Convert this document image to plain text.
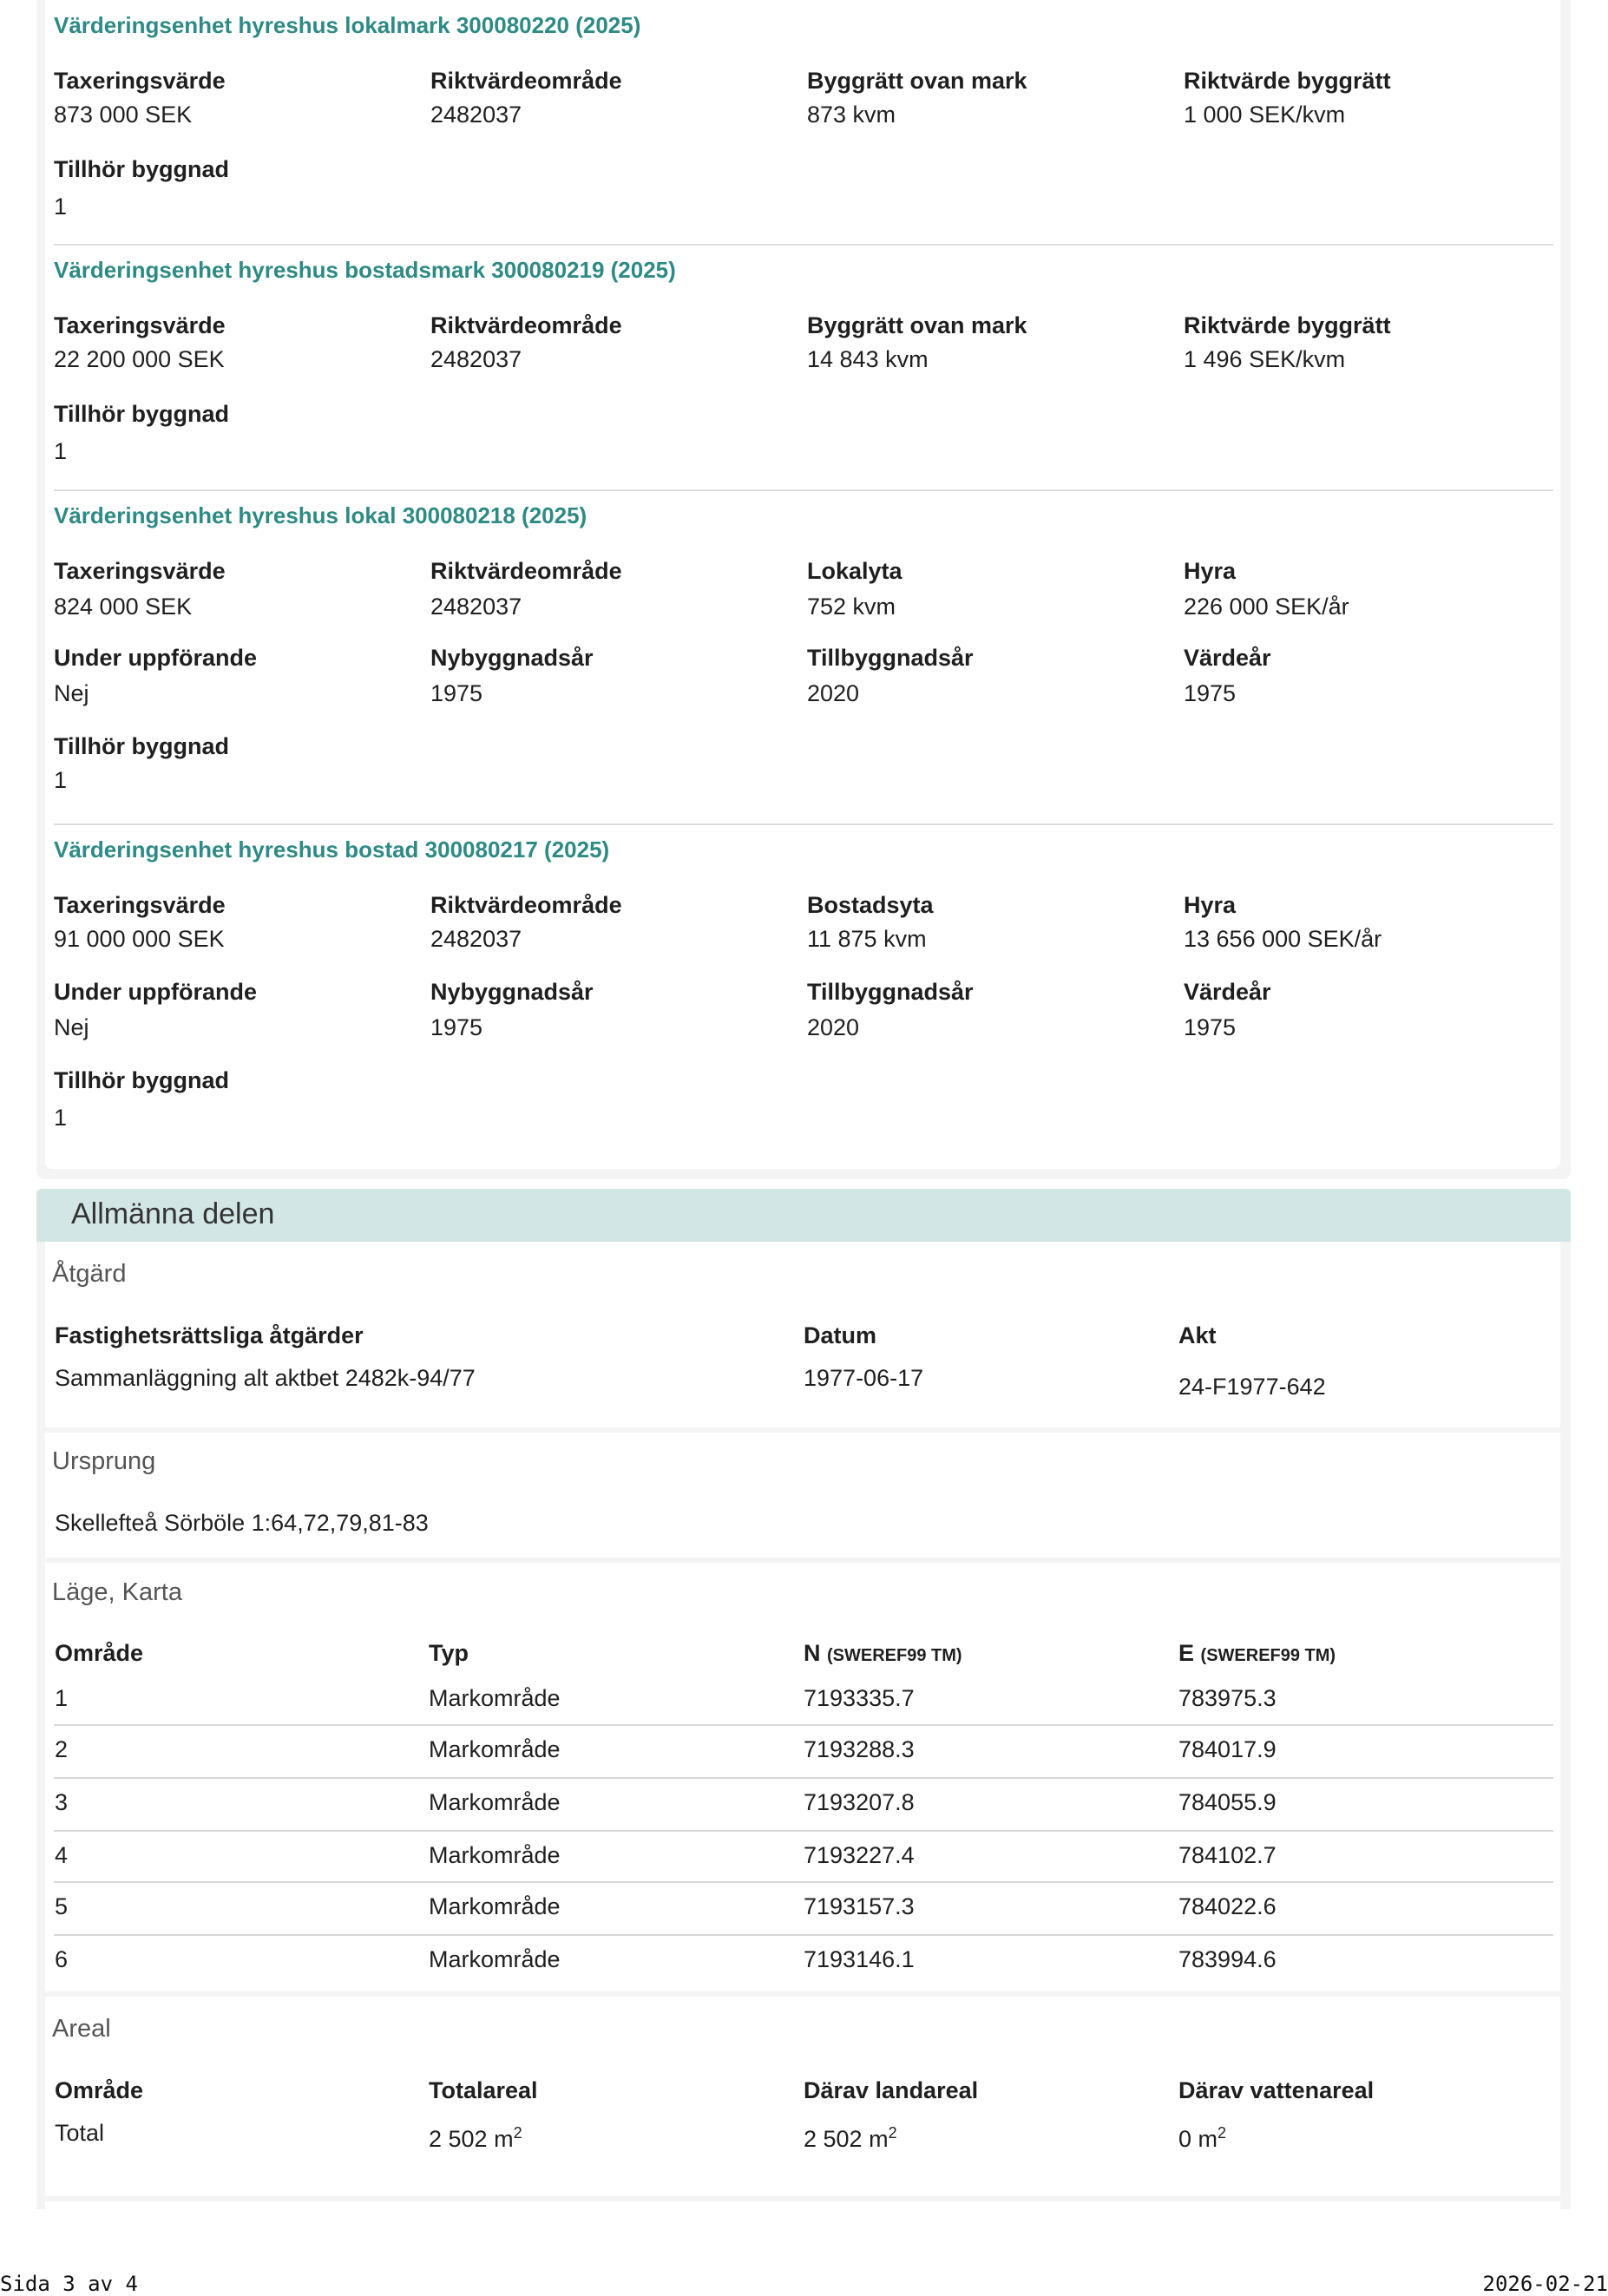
Värderingsenhet hyreshus lokalmark 300080220 (2025)
Taxeringsvärde
873 000 SEK
Riktvärdeområde
2482037
Byggrätt ovan mark
873 kvm
Riktvärde byggrätt
1 000 SEK/kvm
Tillhör byggnad
1
Värderingsenhet hyreshus bostadsmark 300080219 (2025)
Taxeringsvärde
22 200 000 SEK
Riktvärdeområde
2482037
Byggrätt ovan mark
14 843 kvm
Riktvärde byggrätt
1 496 SEK/kvm
Tillhör byggnad
1
Värderingsenhet hyreshus lokal 300080218 (2025)
Taxeringsvärde
824 000 SEK
Riktvärdeområde
2482037
Lokalyta
752 kvm
Hyra
226 000 SEK/år
Under uppförande
Nej
Nybyggnadsår
1975
Tillbyggnadsår
2020
Värdeår
1975
Tillhör byggnad
1
Värderingsenhet hyreshus bostad 300080217 (2025)
Taxeringsvärde
91 000 000 SEK
Riktvärdeområde
2482037
Bostadsyta
11 875 kvm
Hyra
13 656 000 SEK/år
Under uppförande
Nej
Nybyggnadsår
1975
Tillbyggnadsår
2020
Värdeår
1975
Tillhör byggnad
1
Allmänna delen
Åtgärd
Fastighetsrättsliga åtgärder	Datum	Akt
Sammanläggning alt aktbet 2482k-94/77	1977-06-17	24-F1977-642
Ursprung
Skellefteå Sörböle 1:64,72,79,81-83
Läge, Karta
Område	Typ	N (SWEREF99 TM)	E (SWEREF99 TM)
1	Markområde	7193335.7	783975.3
2	Markområde	7193288.3	784017.9
3	Markområde	7193207.8	784055.9
4	Markområde	7193227.4	784102.7
5	Markområde	7193157.3	784022.6
6	Markområde	7193146.1	783994.6
Areal
Område	Totalareal	Därav landareal	Därav vattenareal
Total	2 502 $m^2$	2 502 $m^2$	0 $m^2$
Sida 3 av 4	2026-02-21
